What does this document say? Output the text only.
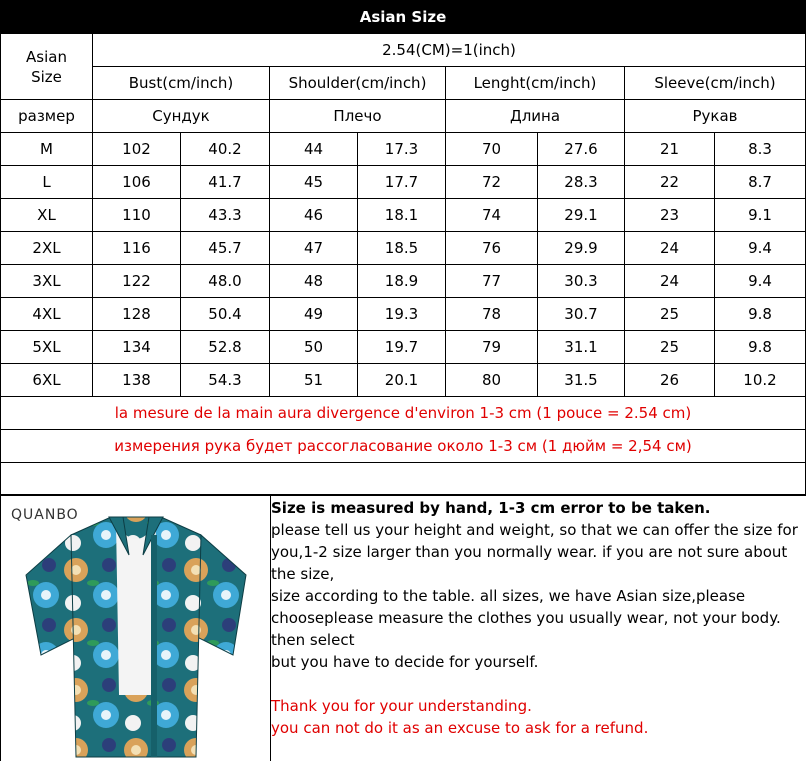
Asian Size
Asian
Size	2.54(CM)=1(inch)							
	Bust(cm/inch)		Shoulder(cm/inch)		Lenght(cm/inch)		Sleeve(cm/inch)	
размер	Сундук		Плечо		Длина		Рукав	
M	102	40.2	44	17.3	70	27.6	21	8.3
L	106	41.7	45	17.7	72	28.3	22	8.7
XL	110	43.3	46	18.1	74	29.1	23	9.1
2XL	116	45.7	47	18.5	76	29.9	24	9.4
3XL	122	48.0	48	18.9	77	30.3	24	9.4
4XL	128	50.4	49	19.3	78	30.7	25	9.8
5XL	134	52.8	50	19.7	79	31.1	25	9.8
6XL	138	54.3	51	20.1	80	31.5	26	10.2
la mesure de la main aura divergence d'environ 1-3 cm (1 pouce = 2.54 cm)								
измерения рука будет рассогласование около 1-3 см (1 дюйм = 2,54 см)								

QUANBO	Size is measured by hand, 1-3 cm error to be taken.

please tell us your height and weight, so that we can offer the size for you,1-2 size larger than you normally wear. if you are not sure about the size,

size according to the table. all sizes, we have Asian size,please chooseplease measure the clothes you usually wear, not your body. then select

but you have to decide for yourself.

Thank you for your understanding.

you can not do it as an excuse to ask for a refund.
